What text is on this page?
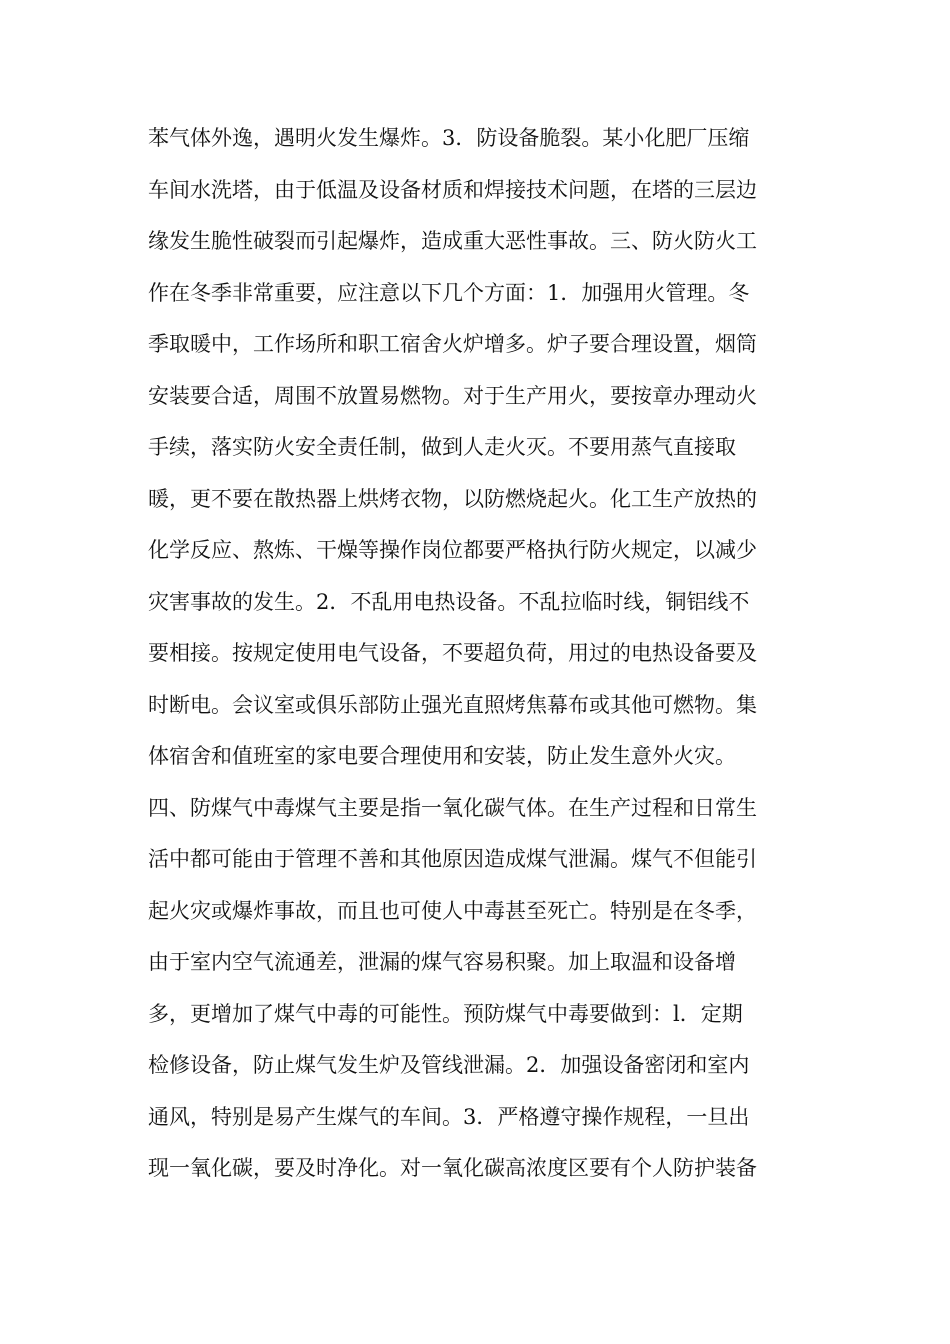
苯气体外逸，遇明火发生爆炸。3．防设备脆裂。某小化肥厂压缩
车间水洗塔，由于低温及设备材质和焊接技术问题，在塔的三层边
缘发生脆性破裂而引起爆炸，造成重大恶性事故。三、防火防火工
作在冬季非常重要，应注意以下几个方面：1．加强用火管理。冬
季取暖中，工作场所和职工宿舍火炉增多。炉子要合理设置，烟筒
安装要合适，周围不放置易燃物。对于生产用火，要按章办理动火
手续，落实防火安全责任制，做到人走火灭。不要用蒸气直接取
暖，更不要在散热器上烘烤衣物，以防燃烧起火。化工生产放热的
化学反应、熬炼、干燥等操作岗位都要严格执行防火规定，以减少
灾害事故的发生。2．不乱用电热设备。不乱拉临时线，铜铝线不
要相接。按规定使用电气设备，不要超负荷，用过的电热设备要及
时断电。会议室或俱乐部防止强光直照烤焦幕布或其他可燃物。集
体宿舍和值班室的家电要合理使用和安装，防止发生意外火灾。
四、防煤气中毒煤气主要是指一氧化碳气体。在生产过程和日常生
活中都可能由于管理不善和其他原因造成煤气泄漏。煤气不但能引
起火灾或爆炸事故，而且也可使人中毒甚至死亡。特别是在冬季，
由于室内空气流通差，泄漏的煤气容易积聚。加上取温和设备增
多，更增加了煤气中毒的可能性。预防煤气中毒要做到：l．定期
检修设备，防止煤气发生炉及管线泄漏。2．加强设备密闭和室内
通风，特别是易产生煤气的车间。3．严格遵守操作规程，一旦出
现一氧化碳，要及时净化。对一氧化碳高浓度区要有个人防护装备
